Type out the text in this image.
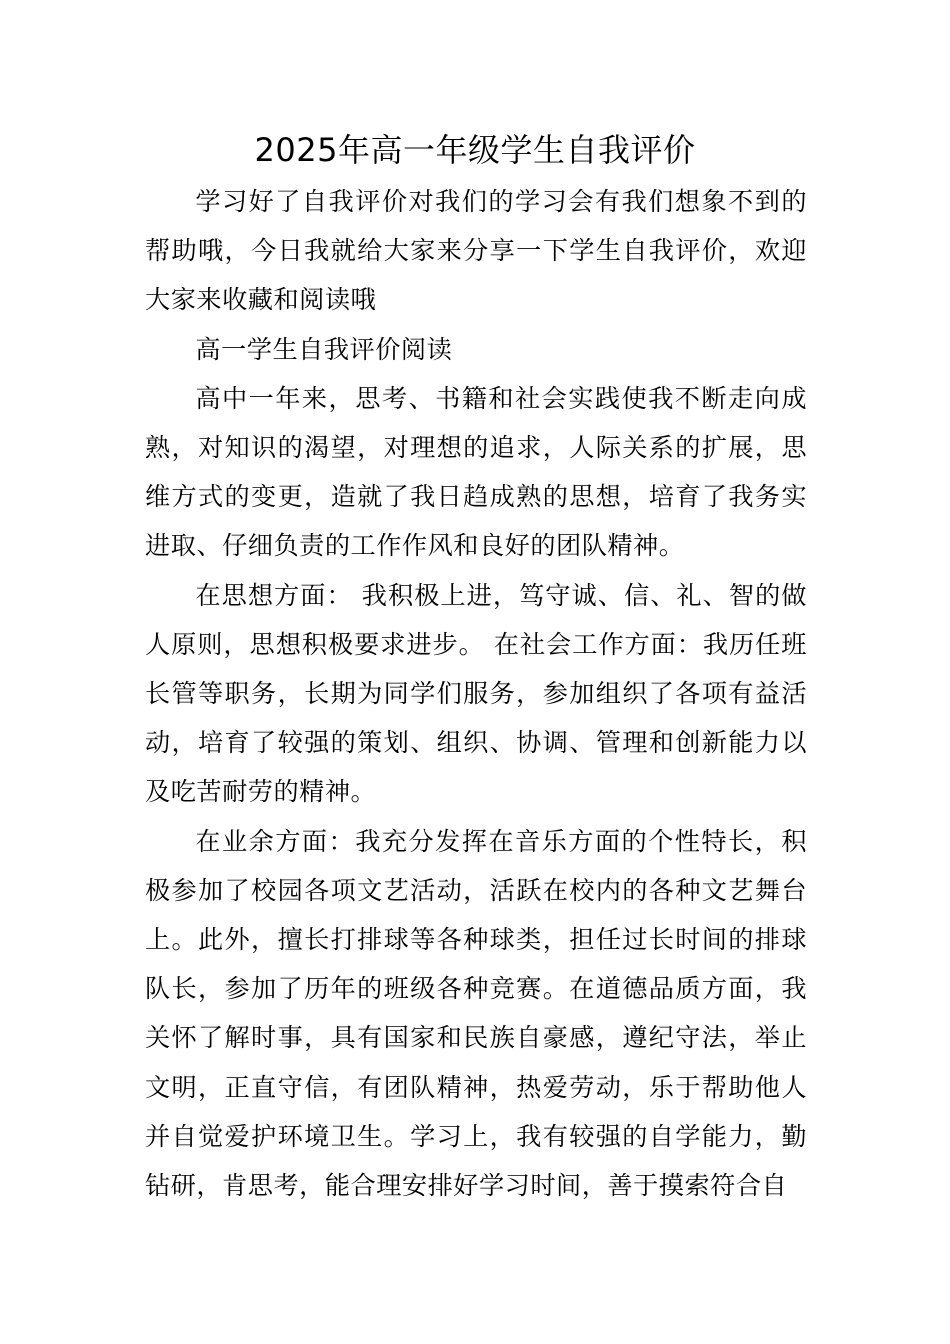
2025年高一年级学生自我评价

学习好了自我评价对我们的学习会有我们想象不到的帮助哦，今日我就给大家来分享一下学生自我评价，欢迎大家来收藏和阅读哦

高一学生自我评价阅读

高中一年来，思考、书籍和社会实践使我不断走向成熟，对知识的渴望，对理想的追求，人际关系的扩展，思维方式的变更，造就了我日趋成熟的思想，培育了我务实进取、仔细负责的工作作风和良好的团队精神。

在思想方面： 我积极上进，笃守诚、信、礼、智的做人原则，思想积极要求进步。 在社会工作方面：我历任班长管等职务，长期为同学们服务，参加组织了各项有益活动，培育了较强的策划、组织、协调、管理和创新能力以及吃苦耐劳的精神。

在业余方面：我充分发挥在音乐方面的个性特长，积极参加了校园各项文艺活动，活跃在校内的各种文艺舞台上。此外，擅长打排球等各种球类，担任过长时间的排球队长，参加了历年的班级各种竞赛。在道德品质方面，我关怀了解时事，具有国家和民族自豪感，遵纪守法，举止文明，正直守信，有团队精神，热爱劳动，乐于帮助他人并自觉爱护环境卫生。学习上，我有较强的自学能力，勤钻研，肯思考，能合理安排好学习时间，善于摸索符合自
